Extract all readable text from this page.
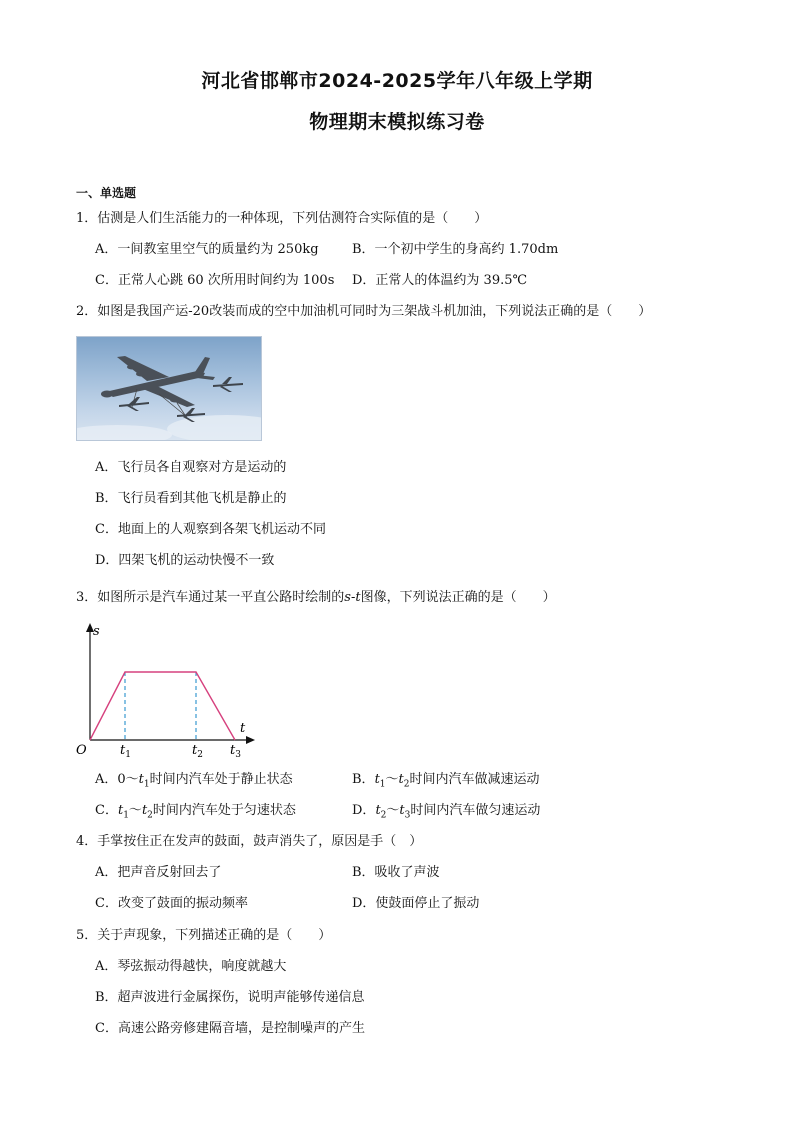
河北省邯郸市2024-2025学年八年级上学期
物理期末模拟练习卷
一、单选题
1．估测是人们生活能力的一种体现，下列估测符合实际值的是（　　）
A．一间教室里空气的质量约为 250kg	B．一个初中学生的身高约 1.70dm
C．正常人心跳 60 次所用时间约为 100s D．正常人的体温约为 39.5℃
2．如图是我国产运-20改装而成的空中加油机可同时为三架战斗机加油，下列说法正确的是（　　）
A．飞行员各自观察对方是运动的
B．飞行员看到其他飞机是静止的
C．地面上的人观察到各架飞机运动不同
D．四架飞机的运动快慢不一致
3．如图所示是汽车通过某一平直公路时绘制的s-t图像，下列说法正确的是（　　）
s
t
O	$t_1$	$t_2$ $t_3$
A．$0\sim t_1$时间内汽车处于静止状态	B．$t_1\sim t_2$时间内汽车做减速运动
C．$t_1\sim t_2$时间内汽车处于匀速状态	D．$t_2\sim t_3$时间内汽车做匀速运动
4．手掌按住正在发声的鼓面，鼓声消失了，原因是手（　）
A．把声音反射回去了	B．吸收了声波
C．改变了鼓面的振动频率	D．使鼓面停止了振动
5．关于声现象，下列描述正确的是（　　）
A．琴弦振动得越快，响度就越大
B．超声波进行金属探伤，说明声能够传递信息
C．高速公路旁修建隔音墙，是控制噪声的产生
